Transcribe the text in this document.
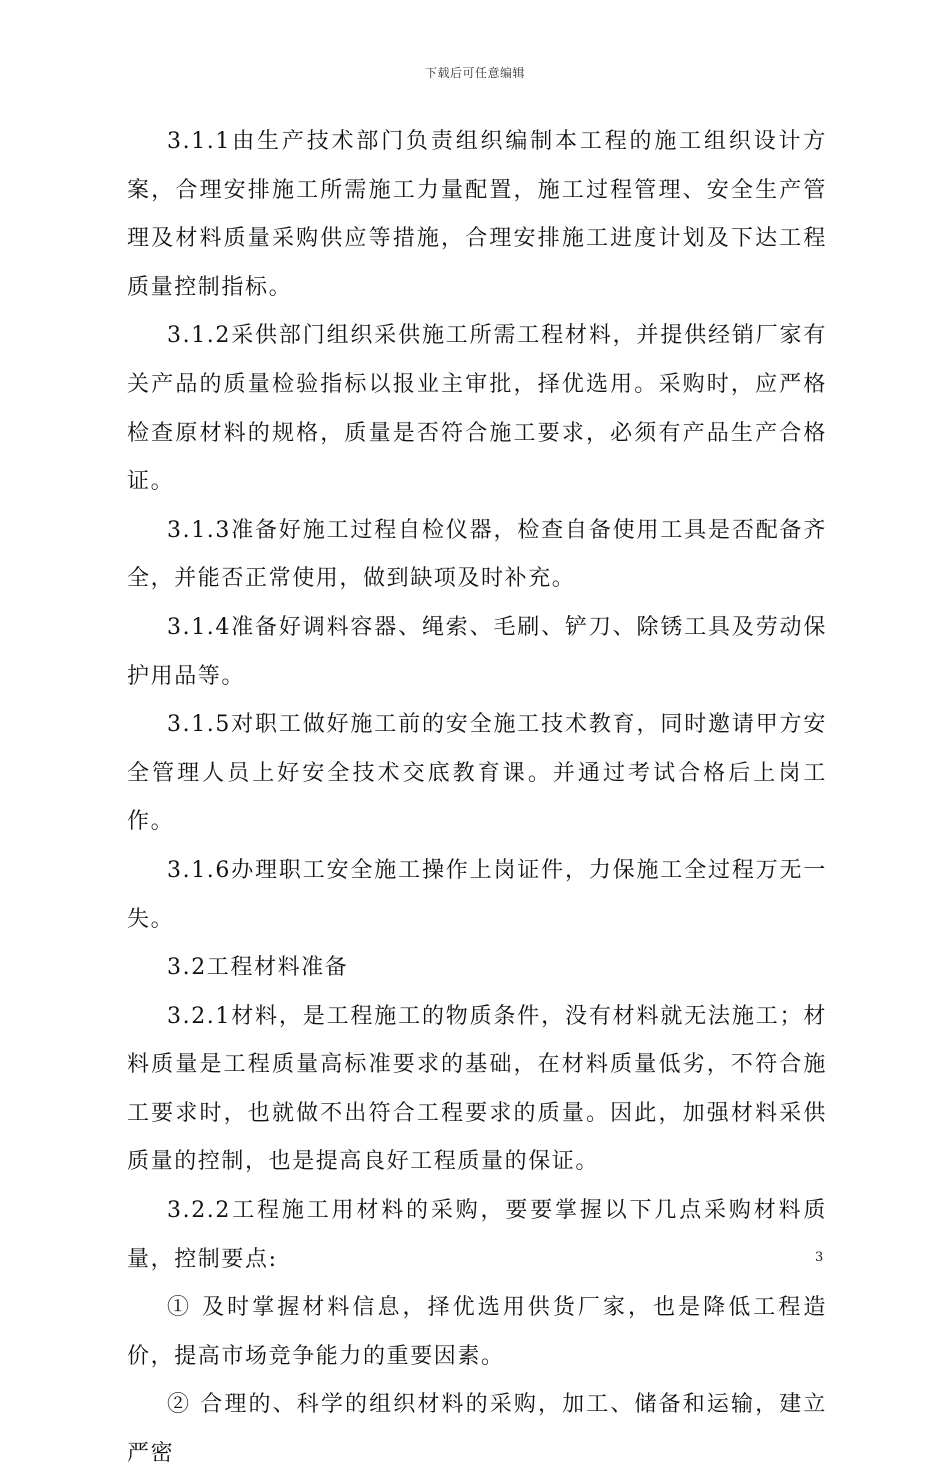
下载后可任意编辑

3.1.1由生产技术部门负责组织编制本工程的施工组织设计方案，合理安排施工所需施工力量配置，施工过程管理、安全生产管理及材料质量采购供应等措施，合理安排施工进度计划及下达工程质量控制指标。

3.1.2采供部门组织采供施工所需工程材料，并提供经销厂家有关产品的质量检验指标以报业主审批，择优选用。采购时，应严格检查原材料的规格，质量是否符合施工要求，必须有产品生产合格证。

3.1.3准备好施工过程自检仪器，检查自备使用工具是否配备齐全，并能否正常使用，做到缺项及时补充。

3.1.4准备好调料容器、绳索、毛刷、铲刀、除锈工具及劳动保护用品等。

3.1.5对职工做好施工前的安全施工技术教育，同时邀请甲方安全管理人员上好安全技术交底教育课。并通过考试合格后上岗工作。

3.1.6办理职工安全施工操作上岗证件，力保施工全过程万无一失。

3.2工程材料准备

3.2.1材料，是工程施工的物质条件，没有材料就无法施工；材料质量是工程质量高标准要求的基础，在材料质量低劣，不符合施工要求时，也就做不出符合工程要求的质量。因此，加强材料采供质量的控制，也是提高良好工程质量的保证。

3.2.2工程施工用材料的采购，要要掌握以下几点采购材料质量，控制要点:

① 及时掌握材料信息，择优选用供货厂家，也是降低工程造价，提高市场竞争能力的重要因素。

② 合理的、科学的组织材料的采购，加工、储备和运输，建立严密

3
